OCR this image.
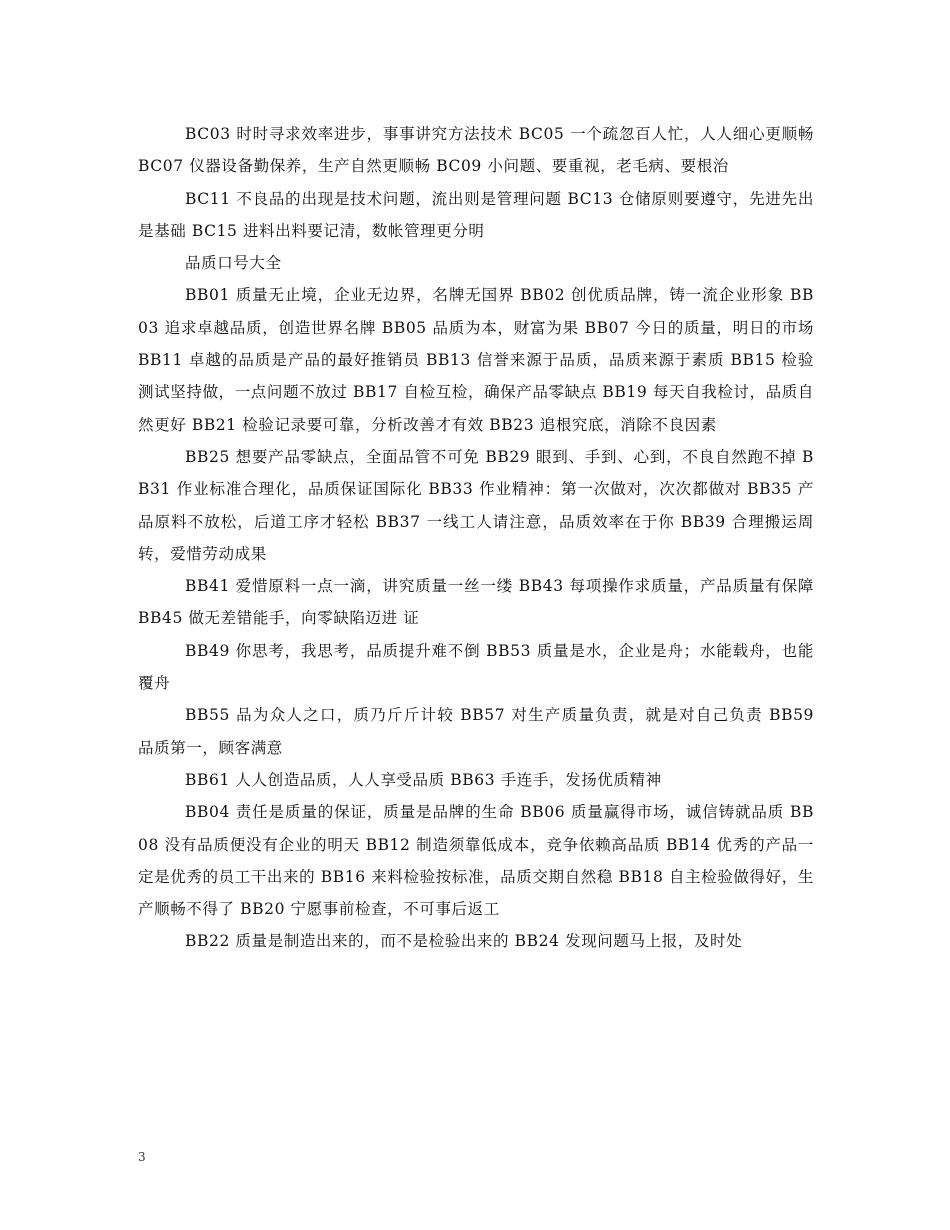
BC03 时时寻求效率进步，事事讲究方法技术 BC05 一个疏忽百人忙，人人细心更顺畅 BC07 仪器设备勤保养，生产自然更顺畅 BC09 小问题、要重视，老毛病、要根治

BC11 不良品的出现是技术问题，流出则是管理问题 BC13 仓储原则要遵守，先进先出是基础 BC15 进料出料要记清，数帐管理更分明

品质口号大全

BB01 质量无止境，企业无边界，名牌无国界 BB02 创优质品牌，铸一流企业形象 BB03 追求卓越品质，创造世界名牌 BB05 品质为本，财富为果 BB07 今日的质量，明日的市场 BB11 卓越的品质是产品的最好推销员 BB13 信誉来源于品质，品质来源于素质 BB15 检验测试坚持做，一点问题不放过 BB17 自检互检，确保产品零缺点 BB19 每天自我检讨，品质自然更好 BB21 检验记录要可靠，分析改善才有效 BB23 追根究底，消除不良因素

BB25 想要产品零缺点，全面品管不可免 BB29 眼到、手到、心到，不良自然跑不掉 BB31 作业标准合理化，品质保证国际化 BB33 作业精神：第一次做对，次次都做对 BB35 产品原料不放松，后道工序才轻松 BB37 一线工人请注意，品质效率在于你 BB39 合理搬运周转，爱惜劳动成果

BB41 爱惜原料一点一滴，讲究质量一丝一缕 BB43 每项操作求质量，产品质量有保障 BB45 做无差错能手，向零缺陷迈进 证

BB49 你思考，我思考，品质提升难不倒 BB53 质量是水，企业是舟；水能载舟，也能覆舟

BB55 品为众人之口，质乃斤斤计较 BB57 对生产质量负责，就是对自己负责 BB59 品质第一，顾客满意

BB61 人人创造品质，人人享受品质 BB63 手连手，发扬优质精神

BB04 责任是质量的保证，质量是品牌的生命 BB06 质量赢得市场，诚信铸就品质 BB08 没有品质便没有企业的明天 BB12 制造须靠低成本，竞争依赖高品质 BB14 优秀的产品一定是优秀的员工干出来的 BB16 来料检验按标准，品质交期自然稳 BB18 自主检验做得好，生产顺畅不得了 BB20 宁愿事前检查，不可事后返工

BB22 质量是制造出来的，而不是检验出来的 BB24 发现问题马上报，及时处

3
